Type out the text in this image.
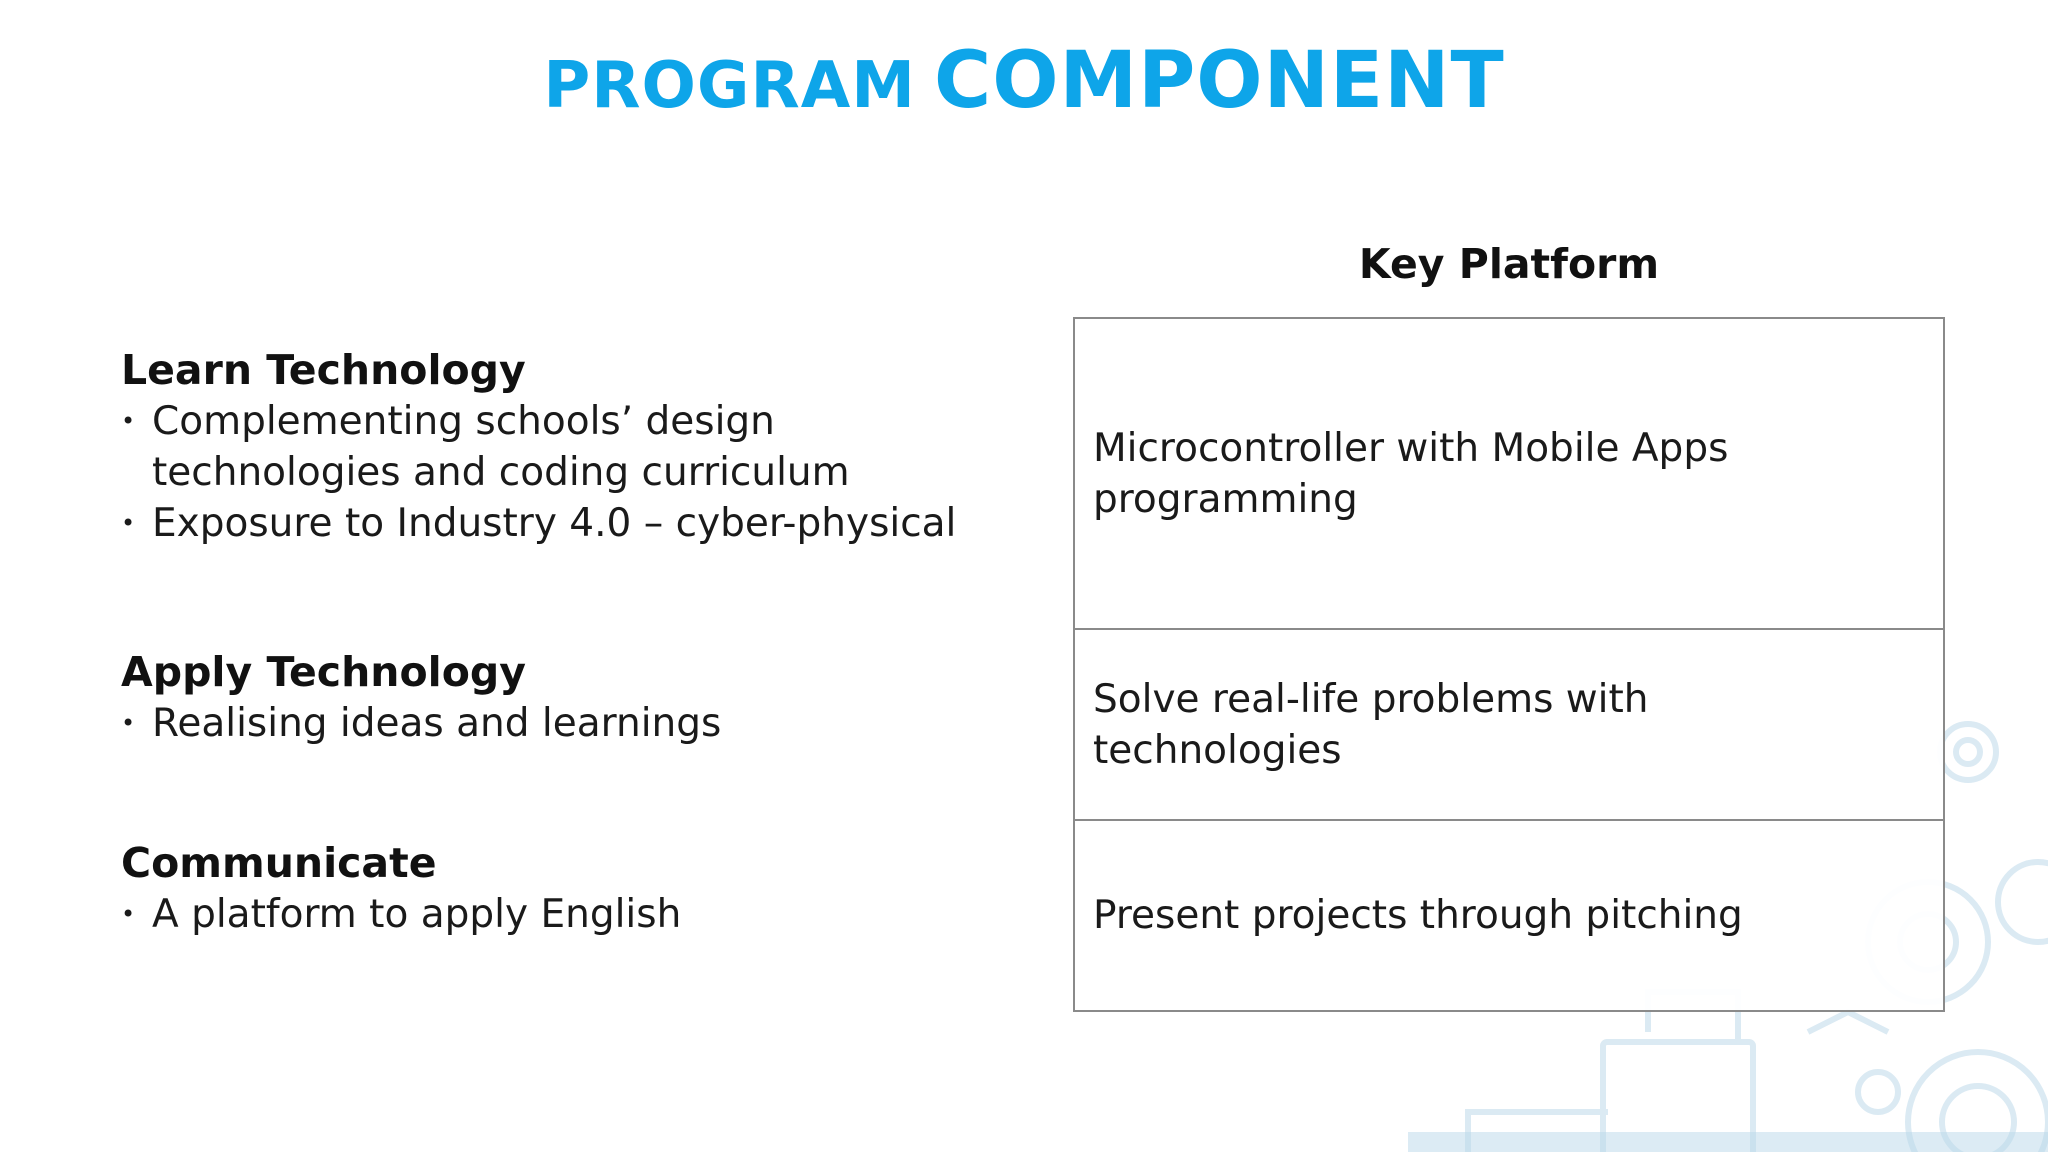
PROGRAM COMPONENT
Learn Technology
• Complementing schools’ design
technologies and coding curriculum
• Exposure to Industry 4.0 – cyber-physical
Apply Technology
• Realising ideas and learnings
Communicate
• A platform to apply English
Key Platform
Microcontroller with Mobile Apps
programming
Solve real-life problems with
technologies
Present projects through pitching
